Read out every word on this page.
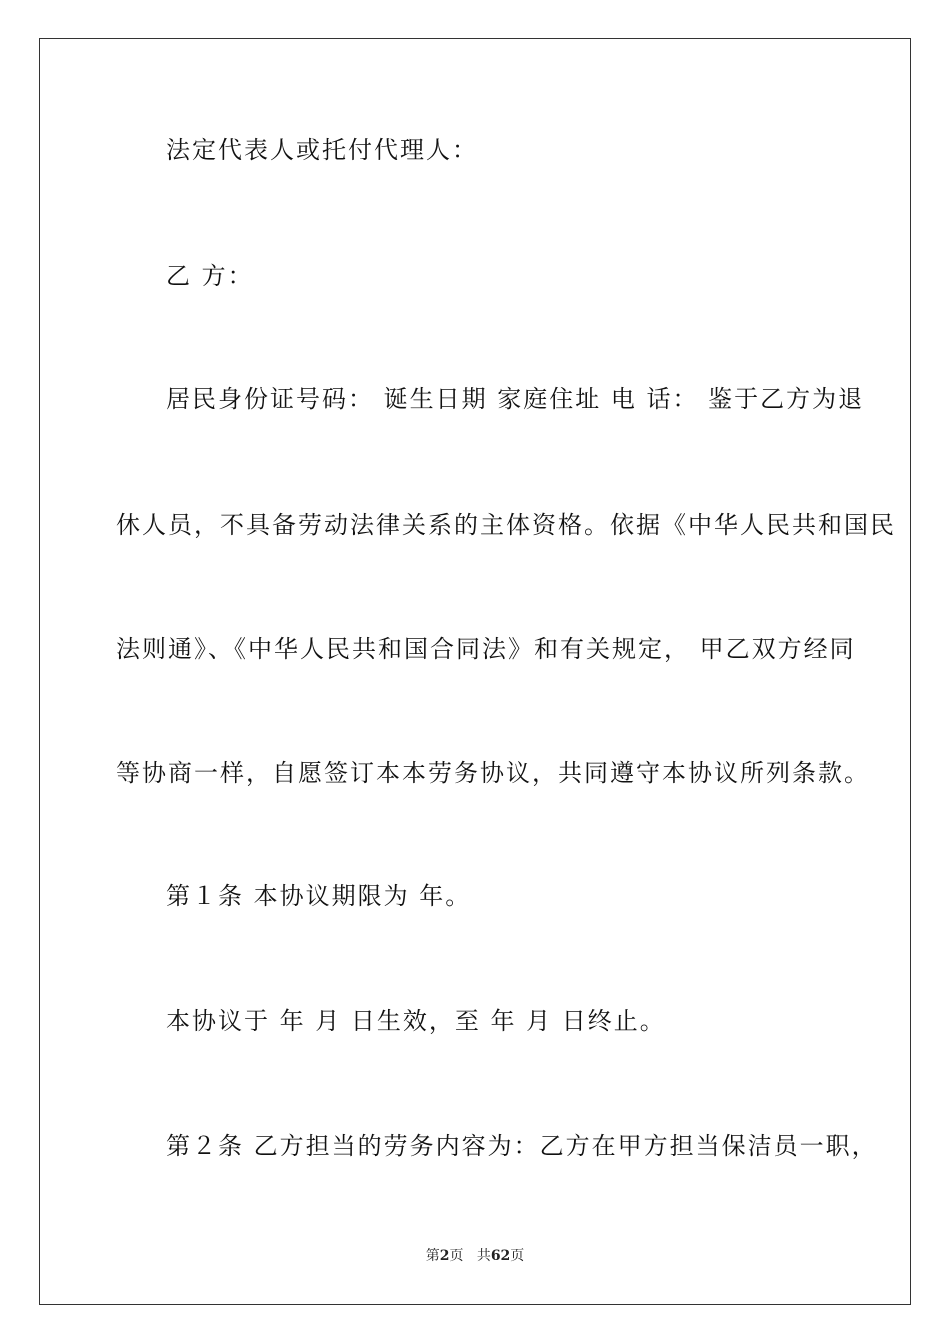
法定代表人或托付代理人：
乙 方：
居民身份证号码： 诞生日期 家庭住址 电 话： 鉴于乙方为退
休人员，不具备劳动法律关系的主体资格。依据《中华人民共和国民
法则通》、《中华人民共和国合同法》和有关规定， 甲乙双方经同
等协商一样，自愿签订本本劳务协议，共同遵守本协议所列条款。
第１条 本协议期限为 年。
本协议于 年 月 日生效，至 年 月 日终止。
第２条 乙方担当的劳务内容为：乙方在甲方担当保洁员一职，
第2页 共62页
